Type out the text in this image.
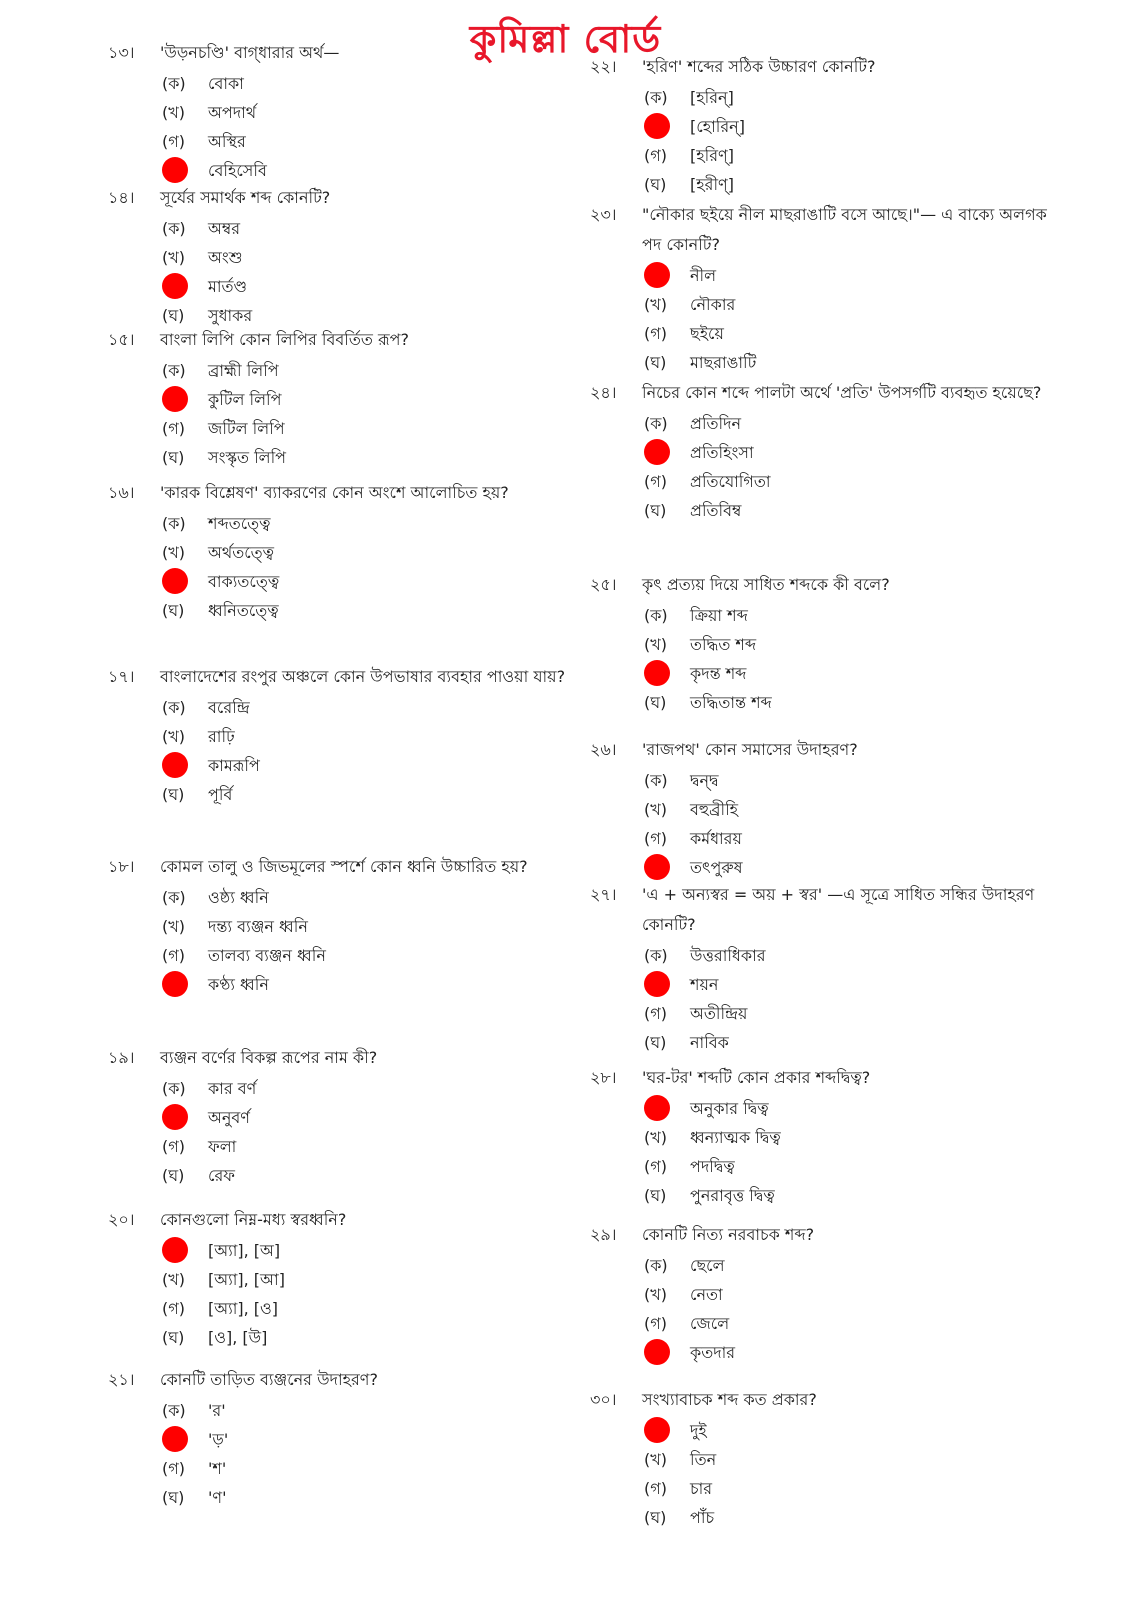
কুমিল্লা বোর্ড
১৩।	'উড়নচণ্ডি' বাগ্‌ধারার অর্থ—
(ক)	বোকা
(খ)	অপদার্থ
(গ)	অস্থির
বেহিসেবি
১৪।	সূর্যের সমার্থক শব্দ কোনটি?
(ক)	অম্বর
(খ)	অংশু
মার্তণ্ড
(ঘ)	সুধাকর
১৫।	বাংলা লিপি কোন লিপির বিবর্তিত রূপ?
(ক)	ব্রাহ্মী লিপি
কুটিল লিপি
(গ)	জটিল লিপি
(ঘ)	সংস্কৃত লিপি
১৬।	'কারক বিশ্লেষণ' ব্যাকরণের কোন অংশে আলোচিত হয়?
(ক)	শব্দতত্ত্বে
(খ)	অর্থতত্ত্বে
বাক্যতত্ত্বে
(ঘ)	ধ্বনিতত্ত্বে
১৭।	বাংলাদেশের রংপুর অঞ্চলে কোন উপভাষার ব্যবহার পাওয়া যায়?
(ক)	বরেন্দ্রি
(খ)	রাঢ়ি
কামরূপি
(ঘ)	পূর্বি
১৮।	কোমল তালু ও জিভমূলের স্পর্শে কোন ধ্বনি উচ্চারিত হয়?
(ক)	ওষ্ঠ্য ধ্বনি
(খ)	দন্ত্য ব্যঞ্জন ধ্বনি
(গ)	তালব্য ব্যঞ্জন ধ্বনি
কণ্ঠ্য ধ্বনি
১৯।	ব্যঞ্জন বর্ণের বিকল্প রূপের নাম কী?
(ক)	কার বর্ণ
অনুবর্ণ
(গ)	ফলা
(ঘ)	রেফ
২০।	কোনগুলো নিম্ন-মধ্য স্বরধ্বনি?
[অ্যা], [অ]
(খ)	[অ্যা], [আ]
(গ)	[অ্যা], [ও]
(ঘ)	[ও], [উ]
২১।	কোনটি তাড়িত ব্যঞ্জনের উদাহরণ?
(ক)	'র'
'ড়'
(গ)	'শ'
(ঘ)	'ণ'
২২।	'হরিণ' শব্দের সঠিক উচ্চারণ কোনটি?
(ক)	[হরিন্]
[হোরিন্]
(গ)	[হরিণ্]
(ঘ)	[হরীণ্]
২৩।	"নৌকার ছইয়ে নীল মাছরাঙাটি বসে আছে।"— এ বাক্যে অলগক পদ কোনটি?
নীল
(খ)	নৌকার
(গ)	ছইয়ে
(ঘ)	মাছরাঙাটি
২৪।	নিচের কোন শব্দে পালটা অর্থে 'প্রতি' উপসর্গটি ব্যবহৃত হয়েছে?
(ক)	প্রতিদিন
প্রতিহিংসা
(গ)	প্রতিযোগিতা
(ঘ)	প্রতিবিম্ব
২৫।	কৃৎ প্রত্যয় দিয়ে সাধিত শব্দকে কী বলে?
(ক)	ক্রিয়া শব্দ
(খ)	তদ্ধিত শব্দ
কৃদন্ত শব্দ
(ঘ)	তদ্ধিতান্ত শব্দ
২৬।	'রাজপথ' কোন সমাসের উদাহরণ?
(ক)	দ্বন্দ্ব
(খ)	বহুব্রীহি
(গ)	কর্মধারয়
তৎপুরুষ
২৭।	'এ + অন্যস্বর = অয় + স্বর' —এ সূত্রে সাধিত সন্ধির উদাহরণ কোনটি?
(ক)	উত্তরাধিকার
শয়ন
(গ)	অতীন্দ্রিয়
(ঘ)	নাবিক
২৮।	'ঘর-টর' শব্দটি কোন প্রকার শব্দদ্বিত্ব?
অনুকার দ্বিত্ব
(খ)	ধ্বন্যাত্মক দ্বিত্ব
(গ)	পদদ্বিত্ব
(ঘ)	পুনরাবৃত্ত দ্বিত্ব
২৯।	কোনটি নিত্য নরবাচক শব্দ?
(ক)	ছেলে
(খ)	নেতা
(গ)	জেলে
কৃতদার
৩০।	সংখ্যাবাচক শব্দ কত প্রকার?
দুই
(খ)	তিন
(গ)	চার
(ঘ)	পাঁচ
